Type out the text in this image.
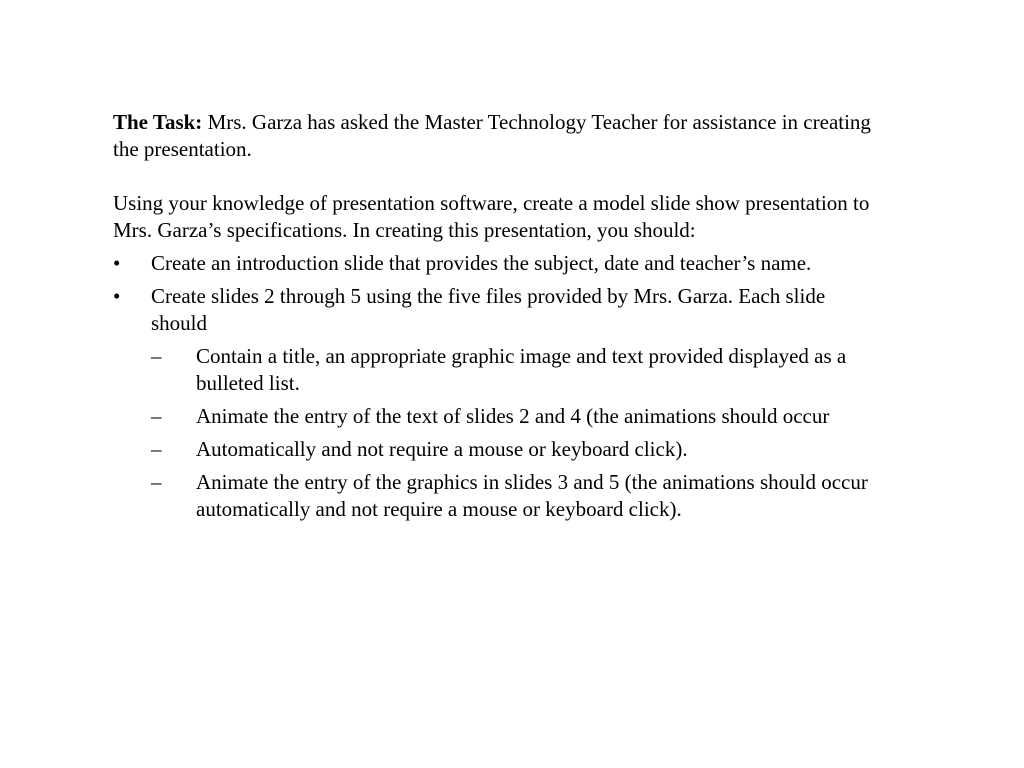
The Task: Mrs. Garza has asked the Master Technology Teacher for assistance in creating the presentation.

Using your knowledge of presentation software, create a model slide show presentation to Mrs. Garza’s specifications. In creating this presentation, you should:

• Create an introduction slide that provides the subject, date and teacher’s name.
• Create slides 2 through 5 using the five files provided by Mrs. Garza. Each slide should
– Contain a title, an appropriate graphic image and text provided displayed as a bulleted list.
– Animate the entry of the text of slides 2 and 4 (the animations should occur
– Automatically and not require a mouse or keyboard click).
– Animate the entry of the graphics in slides 3 and 5 (the animations should occur automatically and not require a mouse or keyboard click).
